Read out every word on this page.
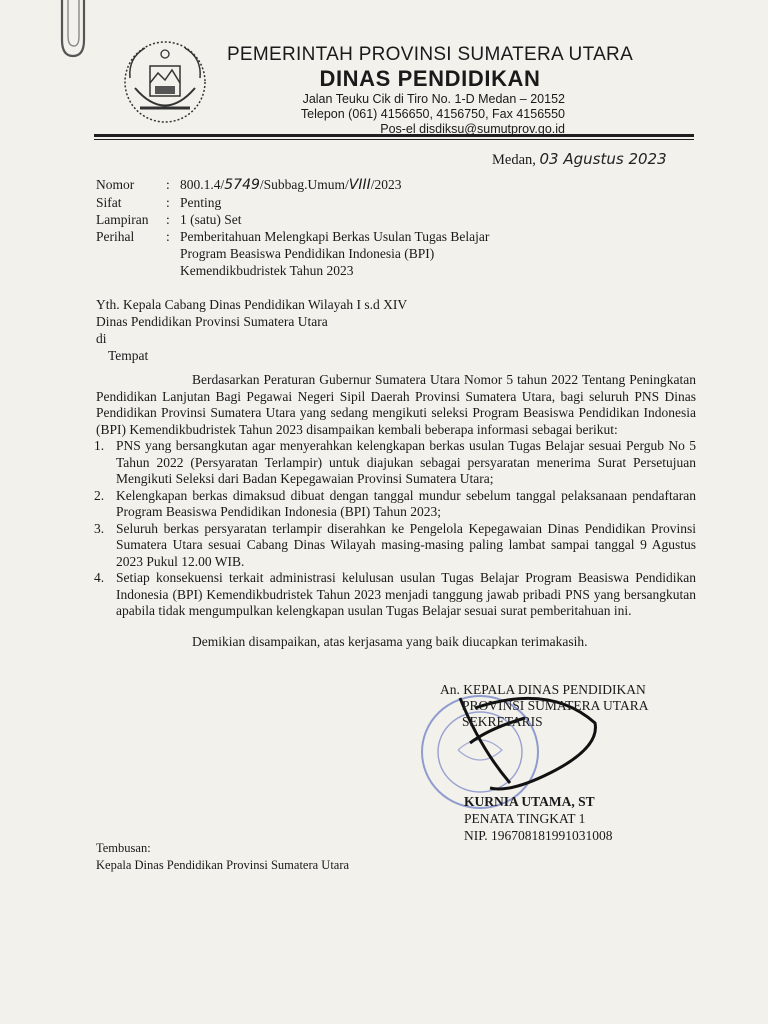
PEMERINTAH PROVINSI SUMATERA UTARA
DINAS PENDIDIKAN
Jalan Teuku Cik di Tiro No. 1-D Medan – 20152
Telepon (061) 4156650, 4156750, Fax 4156550
Pos-el disdiksu@sumutprov.go.id
Medan, 03 Agustus 2023
Nomor	: 800.1.4/5749/Subbag.Umum/VIII/2023
Sifat	: Penting
Lampiran	: 1 (satu) Set
Perihal	: Pemberitahuan Melengkapi Berkas Usulan Tugas Belajar
Program Beasiswa Pendidikan Indonesia (BPI)
Kemendikbudristek Tahun 2023
Yth. Kepala Cabang Dinas Pendidikan Wilayah I s.d XIV
Dinas Pendidikan Provinsi Sumatera Utara
di
Tempat

Berdasarkan Peraturan Gubernur Sumatera Utara Nomor 5 tahun 2022 Tentang Peningkatan Pendidikan Lanjutan Bagi Pegawai Negeri Sipil Daerah Provinsi Sumatera Utara, bagi seluruh PNS Dinas Pendidikan Provinsi Sumatera Utara yang sedang mengikuti seleksi Program Beasiswa Pendidikan Indonesia (BPI) Kemendikbudristek Tahun 2023 disampaikan kembali beberapa informasi sebagai berikut:

1. PNS yang bersangkutan agar menyerahkan kelengkapan berkas usulan Tugas Belajar sesuai Pergub No 5 Tahun 2022 (Persyaratan Terlampir) untuk diajukan sebagai persyaratan menerima Surat Persetujuan Mengikuti Seleksi dari Badan Kepegawaian Provinsi Sumatera Utara;
2. Kelengkapan berkas dimaksud dibuat dengan tanggal mundur sebelum tanggal pelaksanaan pendaftaran Program Beasiswa Pendidikan Indonesia (BPI) Tahun 2023;
3. Seluruh berkas persyaratan terlampir diserahkan ke Pengelola Kepegawaian Dinas Pendidikan Provinsi Sumatera Utara sesuai Cabang Dinas Wilayah masing-masing paling lambat sampai tanggal 9 Agustus 2023 Pukul 12.00 WIB.
4. Setiap konsekuensi terkait administrasi kelulusan usulan Tugas Belajar Program Beasiswa Pendidikan Indonesia (BPI) Kemendikbudristek Tahun 2023 menjadi tanggung jawab pribadi PNS yang bersangkutan apabila tidak mengumpulkan kelengkapan usulan Tugas Belajar sesuai surat pemberitahuan ini.
Demikian disampaikan, atas kerjasama yang baik diucapkan terimakasih.
An. KEPALA DINAS PENDIDIKAN
PROVINSI SUMATERA UTARA
SEKRETARIS
KURNIA UTAMA, ST
PENATA TINGKAT 1
NIP. 196708181991031008
Tembusan:
Kepala Dinas Pendidikan Provinsi Sumatera Utara
